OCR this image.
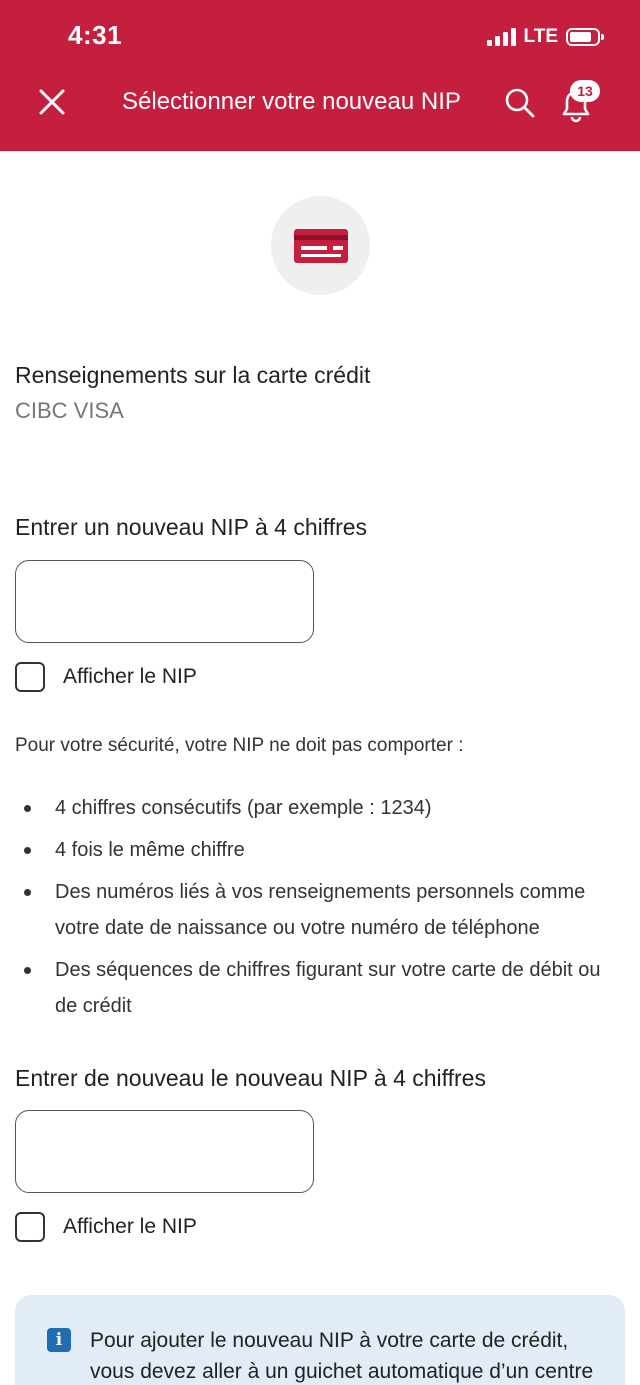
4:31	LTE
Sélectionner votre nouveau NIP	13
Renseignements sur la carte crédit
CIBC VISA
Entrer un nouveau NIP à 4 chiffres
Afficher le NIP
Pour votre sécurité, votre NIP ne doit pas comporter :
4 chiffres consécutifs (par exemple : 1234)
4 fois le même chiffre
Des numéros liés à vos renseignements personnels comme votre date de naissance ou votre numéro de téléphone
Des séquences de chiffres figurant sur votre carte de débit ou de crédit
Entrer de nouveau le nouveau NIP à 4 chiffres
Afficher le NIP
i	Pour ajouter le nouveau NIP à votre carte de crédit, vous devez aller à un guichet automatique d’un centre
